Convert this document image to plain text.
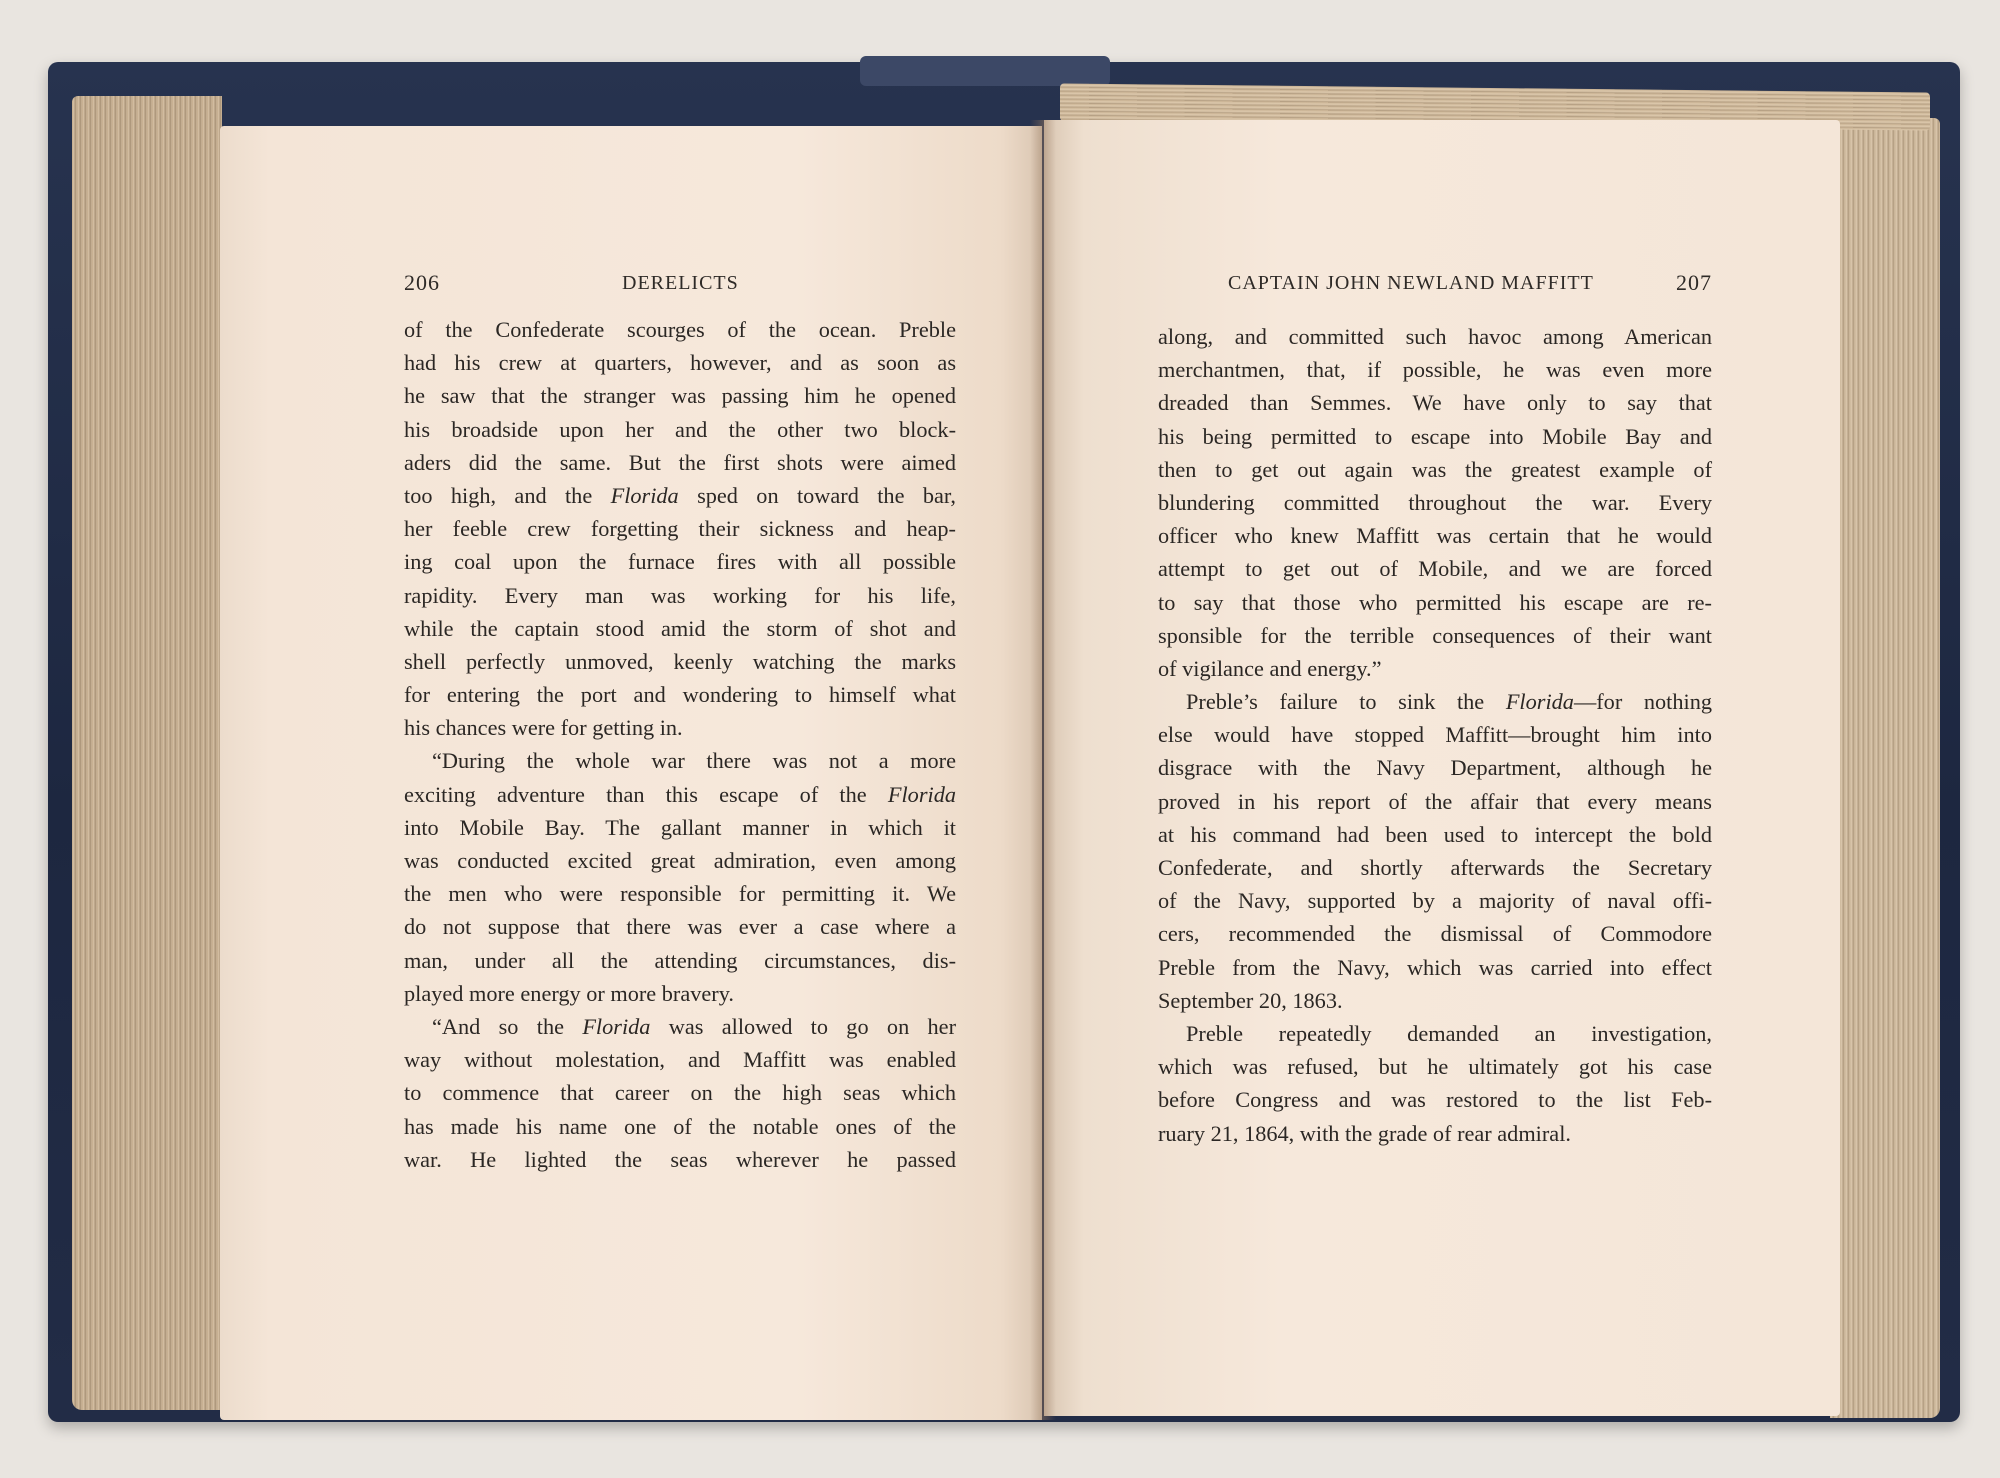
206	DERELICTS	CAPTAIN JOHN NEWLAND MAFFITT	207
of the Confederate scourges of the ocean. Preble
had his crew at quarters, however, and as soon as
he saw that the stranger was passing him he opened
his broadside upon her and the other two block-
aders did the same. But the first shots were aimed
too high, and the Florida sped on toward the bar,
her feeble crew forgetting their sickness and heap-
ing coal upon the furnace fires with all possible
rapidity. Every man was working for his life,
while the captain stood amid the storm of shot and
shell perfectly unmoved, keenly watching the marks
for entering the port and wondering to himself what
his chances were for getting in.
“During the whole war there was not a more
exciting adventure than this escape of the Florida
into Mobile Bay. The gallant manner in which it
was conducted excited great admiration, even among
the men who were responsible for permitting it. We
do not suppose that there was ever a case where a
man, under all the attending circumstances, dis-
played more energy or more bravery.
“And so the Florida was allowed to go on her
way without molestation, and Maffitt was enabled
to commence that career on the high seas which
has made his name one of the notable ones of the
war. He lighted the seas wherever he passed
along, and committed such havoc among American
merchantmen, that, if possible, he was even more
dreaded than Semmes. We have only to say that
his being permitted to escape into Mobile Bay and
then to get out again was the greatest example of
blundering committed throughout the war. Every
officer who knew Maffitt was certain that he would
attempt to get out of Mobile, and we are forced
to say that those who permitted his escape are re-
sponsible for the terrible consequences of their want
of vigilance and energy.”
Preble’s failure to sink the Florida—for nothing
else would have stopped Maffitt—brought him into
disgrace with the Navy Department, although he
proved in his report of the affair that every means
at his command had been used to intercept the bold
Confederate, and shortly afterwards the Secretary
of the Navy, supported by a majority of naval offi-
cers, recommended the dismissal of Commodore
Preble from the Navy, which was carried into effect
September 20, 1863.
Preble repeatedly demanded an investigation,
which was refused, but he ultimately got his case
before Congress and was restored to the list Feb-
ruary 21, 1864, with the grade of rear admiral.
